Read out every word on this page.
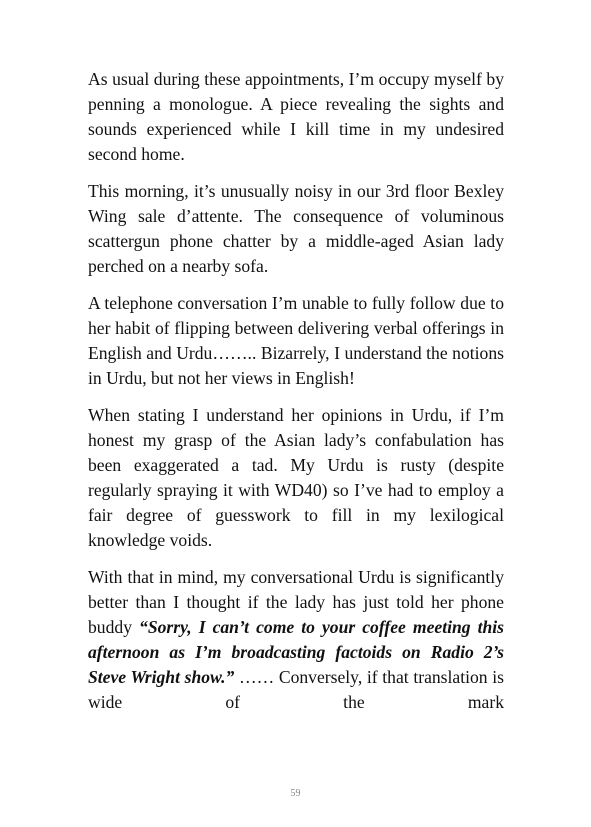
As usual during these appointments, I’m occupy myself by penning a monologue. A piece revealing the sights and sounds experienced while I kill time in my undesired second home.

This morning, it’s unusually noisy in our 3rd floor Bexley Wing sale d’attente. The consequence of voluminous scattergun phone chatter by a middle-aged Asian lady perched on a nearby sofa.

A telephone conversation I’m unable to fully follow due to her habit of flipping between delivering verbal offerings in English and Urdu…….. Bizarrely, I understand the notions in Urdu, but not her views in English!

When stating I understand her opinions in Urdu, if I’m honest my grasp of the Asian lady’s confabulation has been exaggerated a tad. My Urdu is rusty (despite regularly spraying it with WD40) so I’ve had to employ a fair degree of guesswork to fill in my lexilogical knowledge voids.

With that in mind, my conversational Urdu is significantly better than I thought if the lady has just told her phone buddy “Sorry, I can’t come to your coffee meeting this afternoon as I’m broadcasting factoids on Radio 2’s Steve Wright show.” …… Conversely, if that translation is wide of the mark

59
